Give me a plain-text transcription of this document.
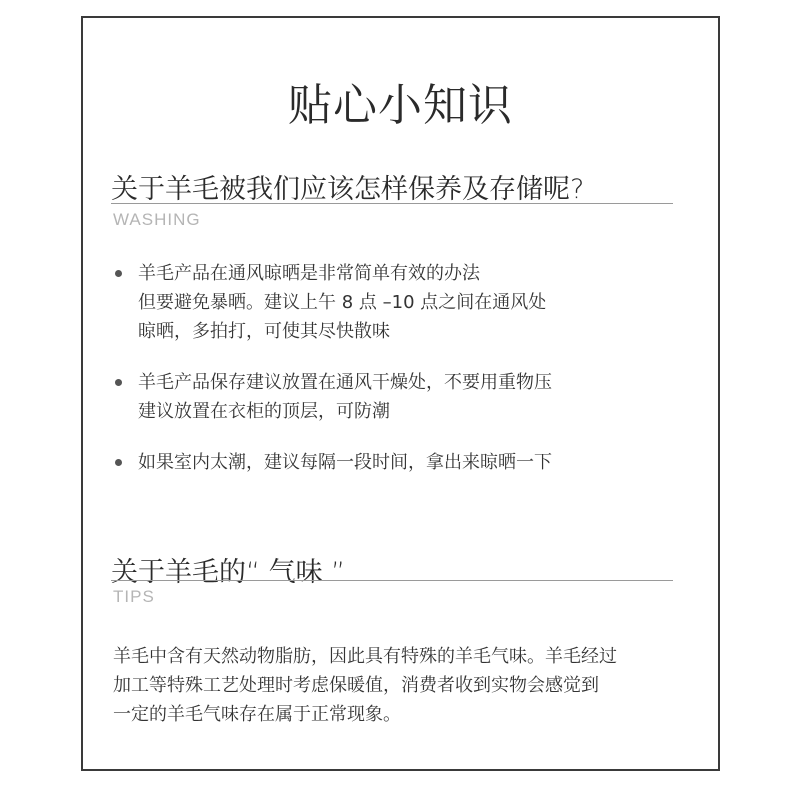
贴心小知识
关于羊毛被我们应该怎样保养及存储呢?
WASHING
羊毛产品在通风晾晒是非常简单有效的办法
但要避免暴晒。建议上午 8 点 –10 点之间在通风处
晾晒，多拍打，可使其尽快散味
羊毛产品保存建议放置在通风干燥处，不要用重物压
建议放置在衣柜的顶层，可防潮
如果室内太潮，建议每隔一段时间，拿出来晾晒一下
关于羊毛的“ 气味 ”
TIPS

羊毛中含有天然动物脂肪，因此具有特殊的羊毛气味。羊毛经过
加工等特殊工艺处理时考虑保暖值，消费者收到实物会感觉到
一定的羊毛气味存在属于正常现象。
